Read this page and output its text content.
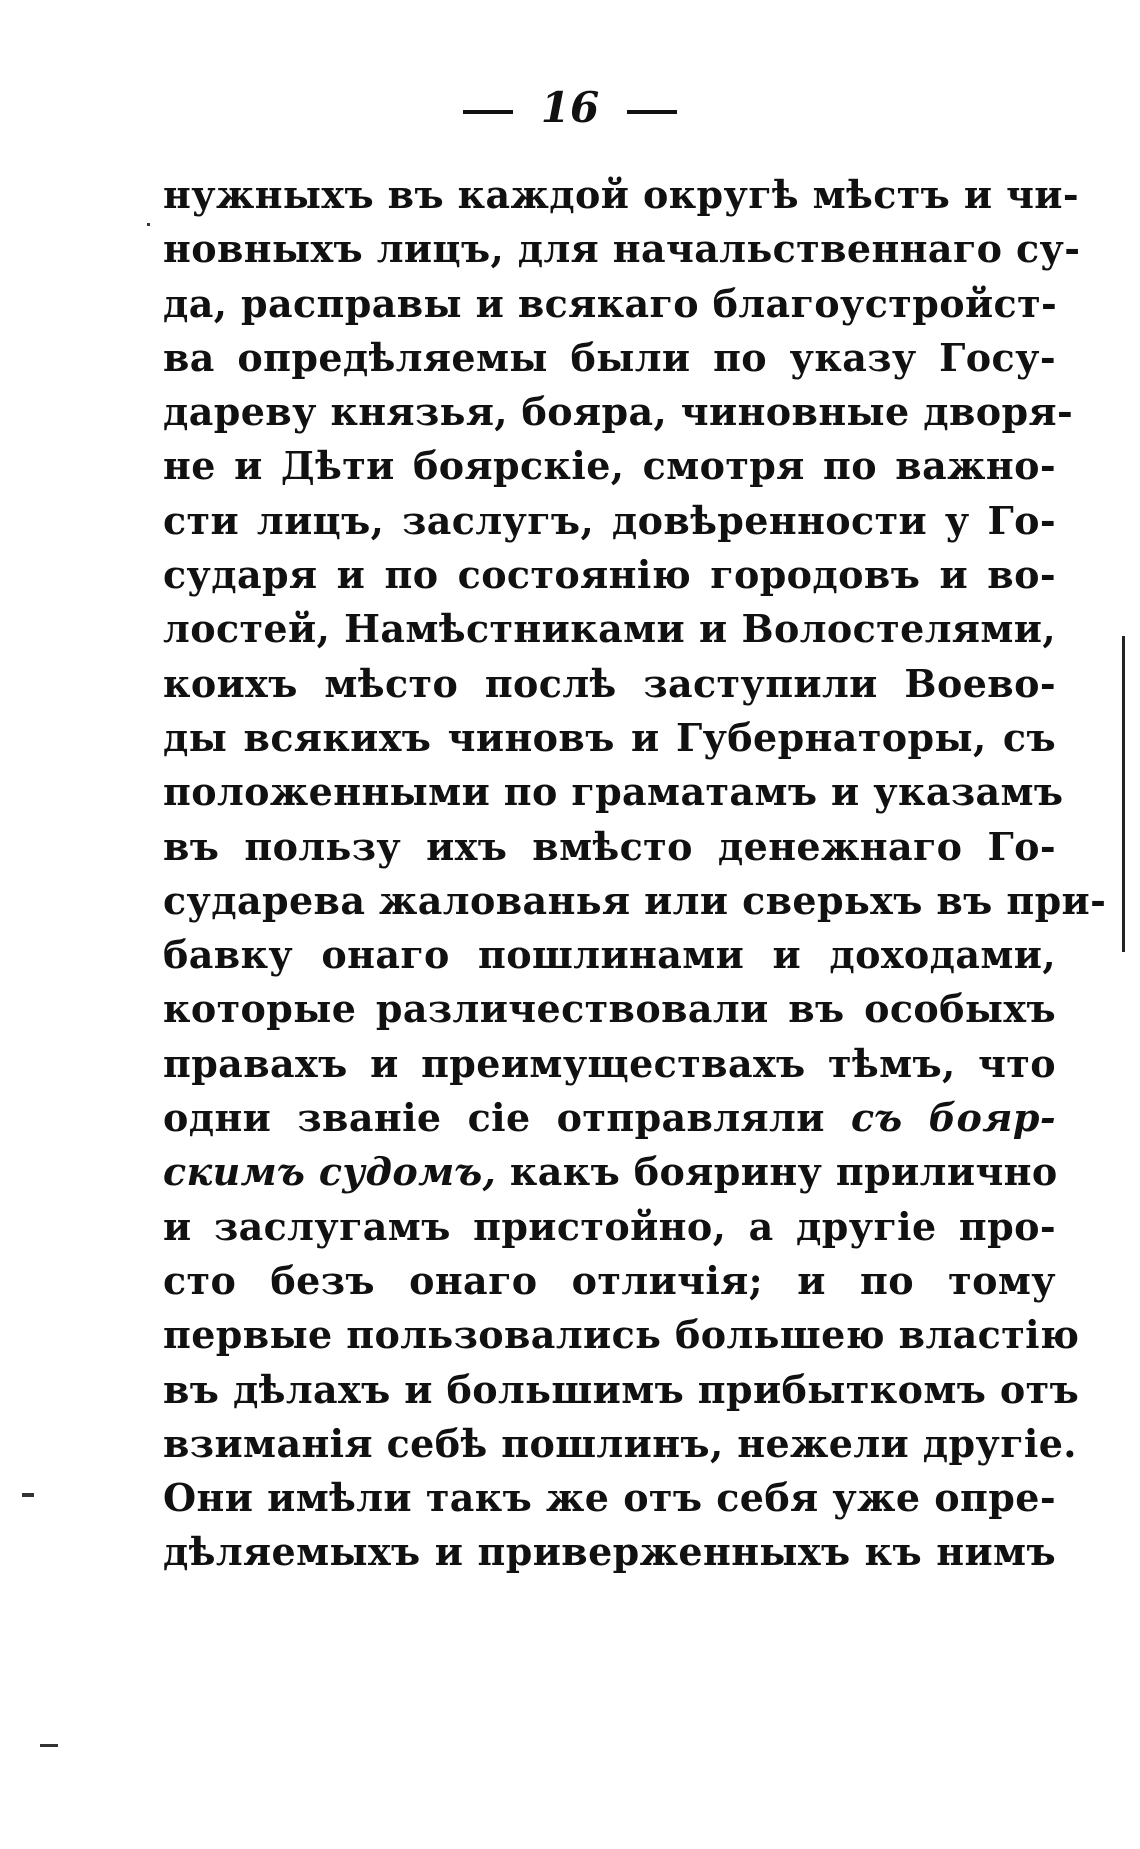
16
нужныхъ въ каждой округѣ мѣстъ и чи-
новныхъ лицъ, для начальственнаго су-
да, расправы и всякаго благоустройст-
ва опредѣляемы были по указу Госу-
дареву князья, бояра, чиновные дворя-
не и Дѣти боярскіе, смотря по важно-
сти лицъ, заслугъ, довѣренности у Го-
сударя и по состоянію городовъ и во-
лостей, Намѣстниками и Волостелями,
коихъ мѣсто послѣ заступили Воево-
ды всякихъ чиновъ и Губернаторы, съ
положенными по граматамъ и указамъ
въ пользу ихъ вмѣсто денежнаго Го-
сударева жалованья или сверьхъ въ при-
бавку онаго пошлинами и доходами,
которые различествовали въ особыхъ
правахъ и преимуществахъ тѣмъ, что
одни званіе сіе отправляли съ бояр-
скимъ судомъ, какъ боярину прилично
и заслугамъ пристойно, а другіе про-
сто безъ онаго отличія; и по тому
первые пользовались большею властію
въ дѣлахъ и большимъ прибыткомъ отъ
взиманія себѣ пошлинъ, нежели другіе.
Они имѣли такъ же отъ себя уже опре-
дѣляемыхъ и приверженныхъ къ нимъ
